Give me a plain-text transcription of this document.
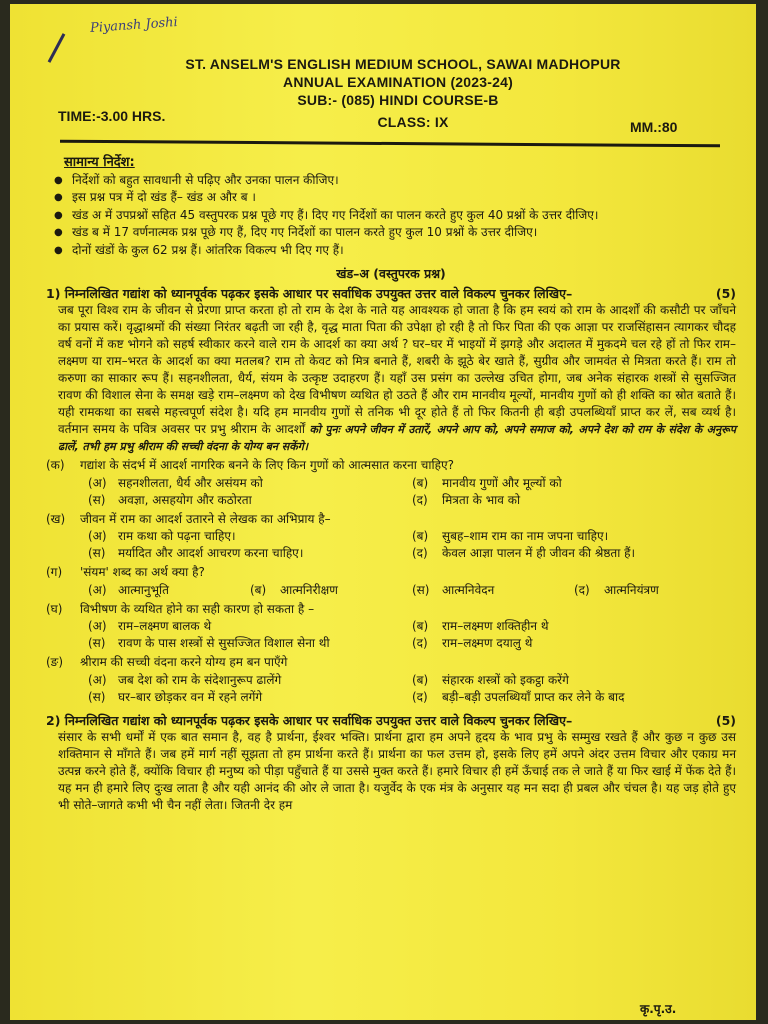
Piyansh Joshi
ST. ANSELM'S ENGLISH MEDIUM SCHOOL, SAWAI MADHOPUR
ANNUAL EXAMINATION (2023-24)
SUB:- (085) HINDI COURSE-B
TIME:-3.00 HRS.	CLASS: IX	MM.:80
सामान्य निर्देश:
● निर्देशों को बहुत सावधानी से पढ़िए और उनका पालन कीजिए।
● इस प्रश्न पत्र में दो खंड हैं– खंड अ और ब ।
● खंड अ में उपप्रश्नों सहित 45 वस्तुपरक प्रश्न पूछे गए हैं। दिए गए निर्देशों का पालन करते हुए कुल 40 प्रश्नों के उत्तर दीजिए।
● खंड ब में 17 वर्णनात्मक प्रश्न पूछे गए हैं, दिए गए निर्देशों का पालन करते हुए कुल 10 प्रश्नों के उत्तर दीजिए।
● दोनों खंडों के कुल 62 प्रश्न हैं। आंतरिक विकल्प भी दिए गए हैं।
खंड–अ (वस्तुपरक प्रश्न)
1) निम्नलिखित गद्यांश को ध्यानपूर्वक पढ़कर इसके आधार पर सर्वाधिक उपयुक्त उत्तर वाले विकल्प चुनकर लिखिए–	(5)
जब पूरा विश्व राम के जीवन से प्रेरणा प्राप्त करता हो तो राम के देश के नाते यह आवश्यक हो जाता है कि हम स्वयं को राम के आदर्शों की कसौटी पर जाँचने का प्रयास करें। वृद्धाश्रमों की संख्या निरंतर बढ़ती जा रही है, वृद्ध माता पिता की उपेक्षा हो रही है तो फिर पिता की एक आज्ञा पर राजसिंहासन त्यागकर चौदह वर्ष वनों में कष्ट भोगने को सहर्ष स्वीकार करने वाले राम के आदर्श का क्या अर्थ ? घर–घर में भाइयों में झगड़े और अदालत में मुकदमे चल रहे हों तो फिर राम–लक्ष्मण या राम–भरत के आदर्श का क्या मतलब? राम तो केवट को मित्र बनाते हैं, शबरी के झूठे बेर खाते हैं, सुग्रीव और जामवंत से मित्रता करते हैं। राम तो करुणा का साकार रूप हैं। सहनशीलता, धैर्य, संयम के उत्कृष्ट उदाहरण हैं। यहाँ उस प्रसंग का उल्लेख उचित होगा, जब अनेक संहारक शस्त्रों से सुसज्जित रावण की विशाल सेना के समक्ष खड़े राम–लक्ष्मण को देख विभीषण व्यथित हो उठते हैं और राम मानवीय मूल्यों, मानवीय गुणों को ही शक्ति का स्रोत बताते हैं। यही रामकथा का सबसे महत्त्वपूर्ण संदेश है। यदि हम मानवीय गुणों से तनिक भी दूर होते हैं तो फिर कितनी ही बड़ी उपलब्धियाँ प्राप्त कर लें, सब व्यर्थ है। वर्तमान समय के पवित्र अवसर पर प्रभु श्रीराम के आदर्शों को पुनः अपने जीवन में उतारें, अपने आप को, अपने समाज को, अपने देश को राम के संदेश के अनुरूप ढालें, तभी हम प्रभु श्रीराम की सच्ची वंदना के योग्य बन सकेंगे।
(क)	गद्यांश के संदर्भ में आदर्श नागरिक बनने के लिए किन गुणों को आत्मसात करना चाहिए?
(अ) सहनशीलता, धैर्य और असंयम को	(ब) मानवीय गुणों और मूल्यों को
(स) अवज्ञा, असहयोग और कठोरता	(द) मित्रता के भाव को
(ख)	जीवन में राम का आदर्श उतारने से लेखक का अभिप्राय है–
(अ) राम कथा को पढ़ना चाहिए।	(ब) सुबह–शाम राम का नाम जपना चाहिए।
(स) मर्यादित और आदर्श आचरण करना चाहिए।	(द) केवल आज्ञा पालन में ही जीवन की श्रेष्ठता हैं।
(ग)	'संयम' शब्द का अर्थ क्या है?
(अ) आत्मानुभूति	(ब) आत्मनिरीक्षण	(स) आत्मनिवेदन	(द) आत्मनियंत्रण
(घ)	विभीषण के व्यथित होने का सही कारण हो सकता है –
(अ) राम–लक्ष्मण बालक थे	(ब) राम–लक्ष्मण शक्तिहीन थे
(स) रावण के पास शस्त्रों से सुसज्जित विशाल सेना थी	(द) राम–लक्ष्मण दयालु थे
(ङ)	श्रीराम की सच्ची वंदना करने योग्य हम बन पाएँगे
(अ) जब देश को राम के संदेशानुरूप ढालेंगे	(ब) संहारक शस्त्रों को इकट्ठा करेंगे
(स) घर–बार छोड़कर वन में रहने लगेंगे	(द) बड़ी–बड़ी उपलब्धियाँ प्राप्त कर लेने के बाद
2) निम्नलिखित गद्यांश को ध्यानपूर्वक पढ़कर इसके आधार पर सर्वाधिक उपयुक्त उत्तर वाले विकल्प चुनकर लिखिए–	(5)
संसार के सभी धर्मों में एक बात समान है, वह है प्रार्थना, ईश्वर भक्ति। प्रार्थना द्वारा हम अपने हृदय के भाव प्रभु के सम्मुख रखते हैं और कुछ न कुछ उस शक्तिमान से माँगते हैं। जब हमें मार्ग नहीं सूझता तो हम प्रार्थना करते हैं। प्रार्थना का फल उत्तम हो, इसके लिए हमें अपने अंदर उत्तम विचार और एकाग्र मन उत्पन्न करने होते हैं, क्योंकि विचार ही मनुष्य को पीड़ा पहुँचाते हैं या उससे मुक्त करते हैं। हमारे विचार ही हमें ऊँचाई तक ले जाते हैं या फिर खाई में फेंक देते हैं। यह मन ही हमारे लिए दुःख लाता है और यही आनंद की ओर ले जाता है। यजुर्वेद के एक मंत्र के अनुसार यह मन सदा ही प्रबल और चंचल है। यह जड़ होते हुए भी सोते–जागते कभी भी चैन नहीं लेता। जितनी देर हम
कृ.पृ.उ.
